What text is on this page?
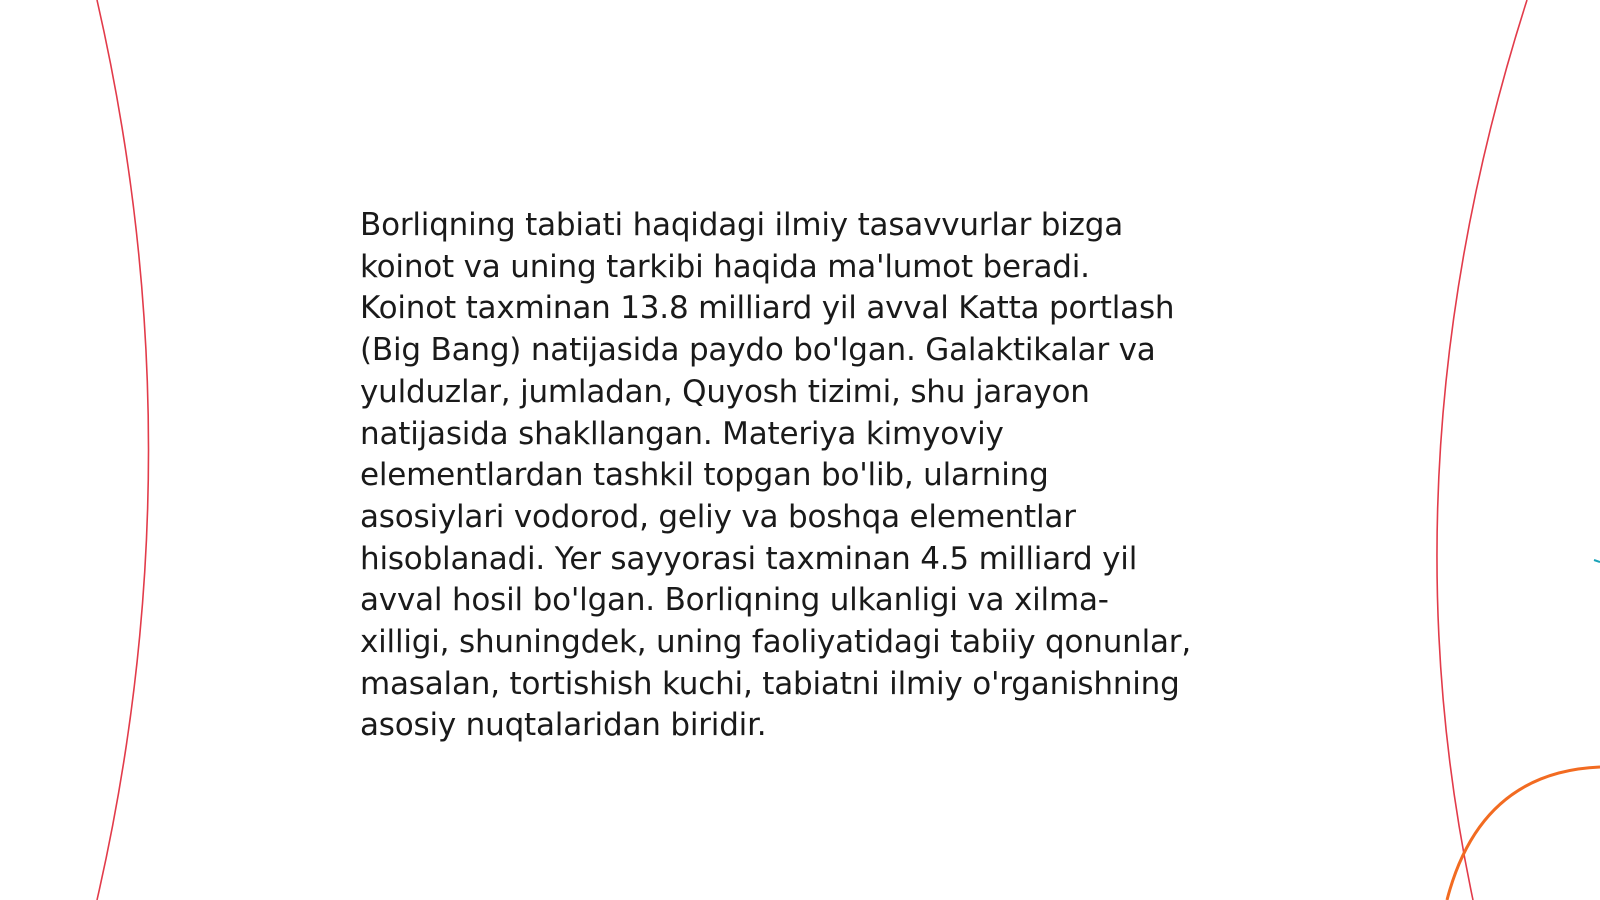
Borliqning tabiati haqidagi ilmiy tasavvurlar bizga
koinot va uning tarkibi haqida ma'lumot beradi.
Koinot taxminan 13.8 milliard yil avval Katta portlash
(Big Bang) natijasida paydo bo'lgan. Galaktikalar va
yulduzlar, jumladan, Quyosh tizimi, shu jarayon
natijasida shakllangan. Materiya kimyoviy
elementlardan tashkil topgan bo'lib, ularning
asosiylari vodorod, geliy va boshqa elementlar
hisoblanadi. Yer sayyorasi taxminan 4.5 milliard yil
avval hosil bo'lgan. Borliqning ulkanligi va xilma-
xilligi, shuningdek, uning faoliyatidagi tabiiy qonunlar,
masalan, tortishish kuchi, tabiatni ilmiy o'rganishning
asosiy nuqtalaridan biridir.
